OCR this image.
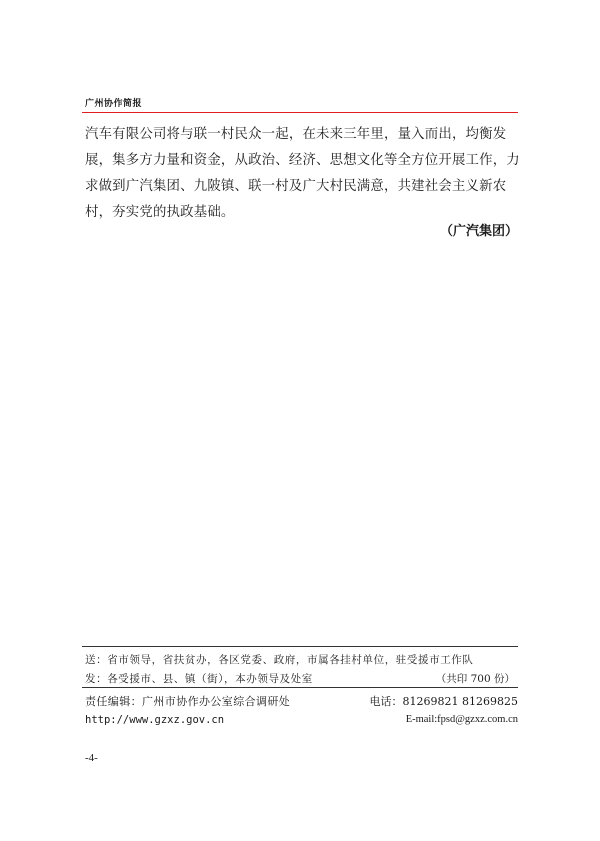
广州协作简报
汽车有限公司将与联一村民众一起，在未来三年里，量入而出，均衡发
展，集多方力量和资金，从政治、经济、思想文化等全方位开展工作，力
求做到广汽集团、九陂镇、联一村及广大村民满意，共建社会主义新农
村，夯实党的执政基础。
（广汽集团）
送：省市领导，省扶贫办，各区党委、政府，市属各挂村单位，驻受援市工作队
发：各受援市、县、镇（街），本办领导及处室	（共印 700 份）
责任编辑：广州市协作办公室综合调研处	电话：81269821 81269825
http://www.gzxz.gov.cn	E-mail:fpsd@gzxz.com.cn
-4-
